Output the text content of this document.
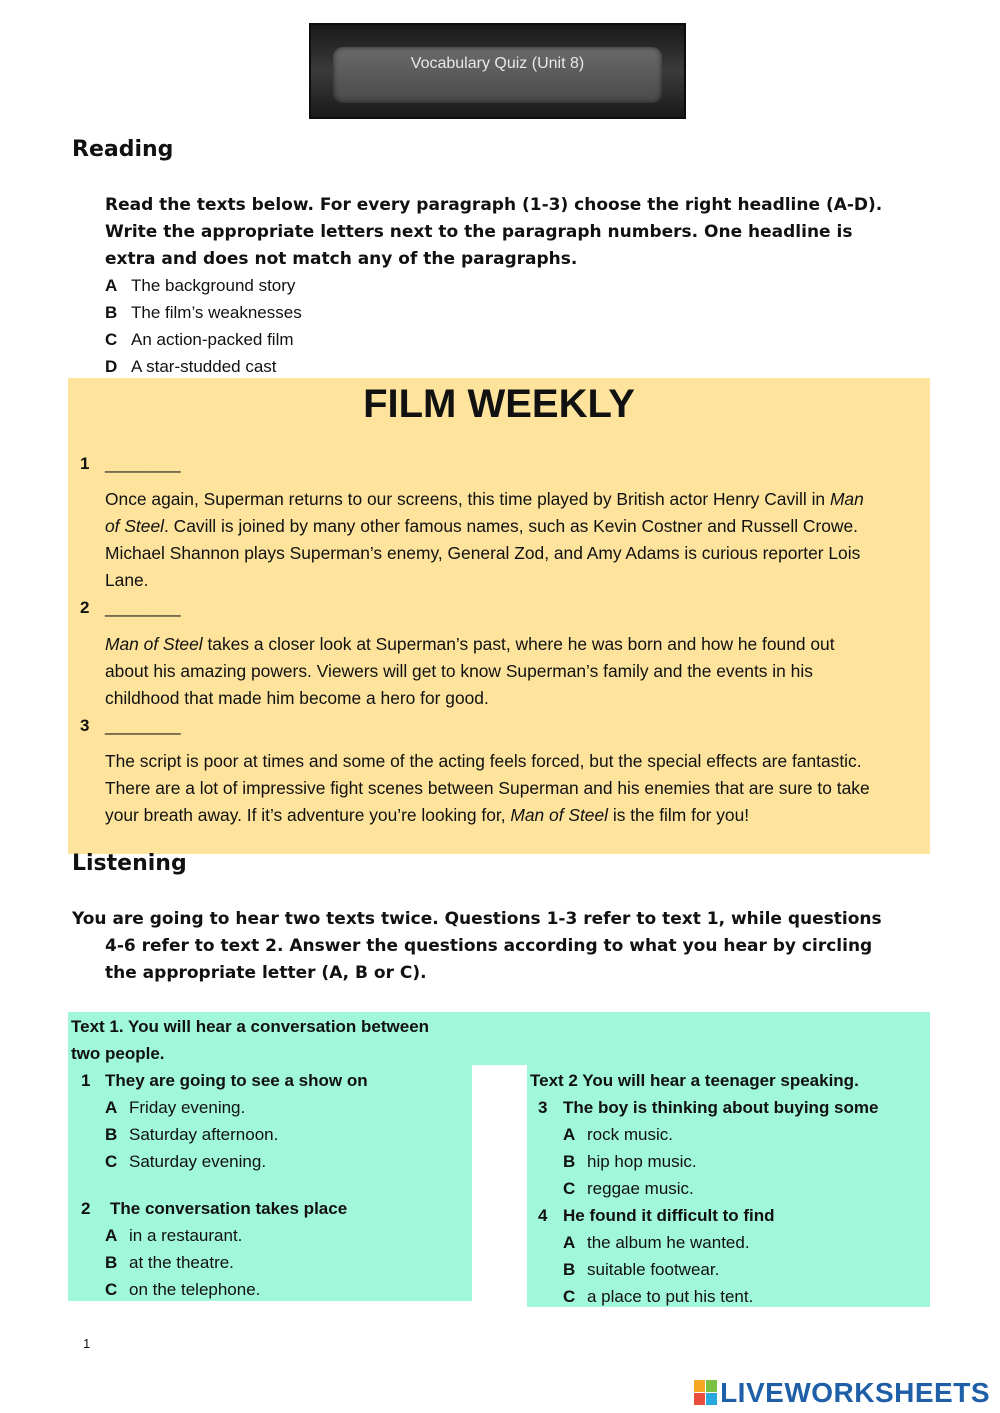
Vocabulary Quiz (Unit 8)
Reading
Read the texts below. For every paragraph (1-3) choose the right headline (A-D).
Write the appropriate letters next to the paragraph numbers. One headline is
extra and does not match any of the paragraphs.
A The background story
B The film’s weaknesses
C An action-packed film
D A star-studded cast
FILM WEEKLY
1 ________
Once again, Superman returns to our screens, this time played by British actor Henry Cavill in Man
of Steel. Cavill is joined by many other famous names, such as Kevin Costner and Russell Crowe.
Michael Shannon plays Superman’s enemy, General Zod, and Amy Adams is curious reporter Lois
Lane.
2 ________
Man of Steel takes a closer look at Superman’s past, where he was born and how he found out
about his amazing powers. Viewers will get to know Superman’s family and the events in his
childhood that made him become a hero for good.
3 ________
The script is poor at times and some of the acting feels forced, but the special effects are fantastic.
There are a lot of impressive fight scenes between Superman and his enemies that are sure to take
your breath away. If it’s adventure you’re looking for, Man of Steel is the film for you!
Listening
You are going to hear two texts twice. Questions 1-3 refer to text 1, while questions
4-6 refer to text 2. Answer the questions according to what you hear by circling
the appropriate letter (A, B or C).
Text 1. You will hear a conversation between
two people.
1 They are going to see a show on
A Friday evening.
B Saturday afternoon.
C Saturday evening.
2 The conversation takes place
A in a restaurant.
B at the theatre.
C on the telephone.
Text 2 You will hear a teenager speaking.
3 The boy is thinking about buying some
A rock music.
B hip hop music.
C reggae music.
4 He found it difficult to find
A the album he wanted.
B suitable footwear.
C a place to put his tent.
1
LIVEWORKSHEETS
